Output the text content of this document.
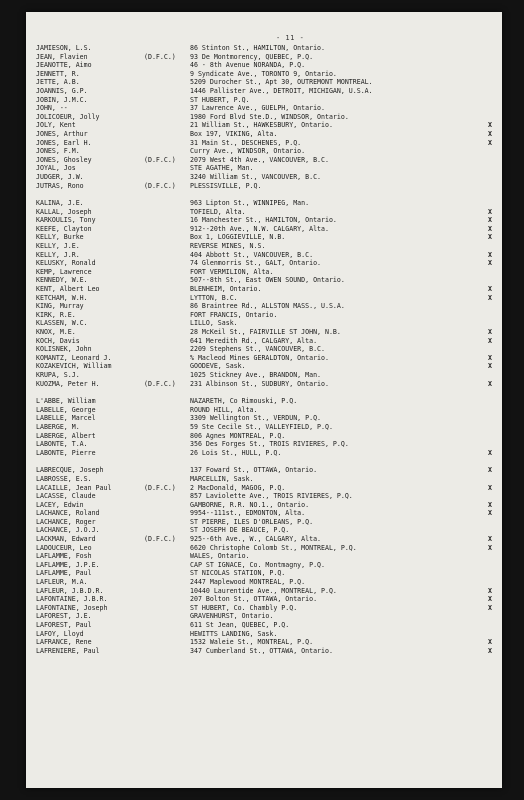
- 11 -
JAMIESON, L.S.	86 Stinton St., HAMILTON, Ontario.
JEAN, Flavien	(D.F.C.)	93 De Montmorency, QUEBEC, P.Q.
JEANOTTE, Aimo	46 - 8th Avenue NORANDA, P.Q.
JENNETT, R.	9 Syndicate Ave., TORONTO 9, Ontario.
JETTE, A.B.	5209 Durocher St., Apt 30, OUTREMONT MONTREAL.
JOANNIS, G.P.	1446 Pallister Ave., DETROIT, MICHIGAN, U.S.A.
JOBIN, J.M.C.	ST HUBERT, P.Q.
JOHN, --	37 Lawrence Ave., GUELPH, Ontario.
JOLICOEUR, Jolly	1980 Ford Blvd Ste.D., WINDSOR, Ontario.
JOLY, Kent	21 William St., HAWKESBURY, Ontario.	X
JONES, Arthur	Box 197, VIKING, Alta.	X
JONES, Earl H.	31 Main St., DESCHENES, P.Q.	X
JONES, F.M.	Curry Ave., WINDSOR, Ontario.
JONES, Ghosley	(D.F.C.)	2079 West 4th Ave., VANCOUVER, B.C.
JOYAL, Jos	STE AGATHE, Man.
JUDGER, J.W.	3240 William St., VANCOUVER, B.C.
JUTRAS, Rono	(D.F.C.)	PLESSISVILLE, P.Q.
KALINA, J.E.	963 Lipton St., WINNIPEG, Man.
KALLAL, Joseph	TOFIELD, Alta.	X
KARKOULIS, Tony	16 Manchester St., HAMILTON, Ontario.	X
KEEFE, Clayton	912--20th Ave., N.W. CALGARY, Alta.	X
KELLY, Burke	Box 1, LOGGIEVILLE, N.B.	X
KELLY, J.E.	REVERSE MINES, N.S.
KELLY, J.R.	404 Abbott St., VANCOUVER, B.C.	X
KELUSKY, Ronald	74 Glenmorris St., GALT, Ontario.	X
KEMP, Lawrence	FORT VERMILION, Alta.
KENNEDY, W.E.	507--8th St., East OWEN SOUND, Ontario.
KENT, Albert Leo	BLENHEIM, Ontario.	X
KETCHAM, W.H.	LYTTON, B.C.	X
KING, Murray	86 Braintree Rd., ALLSTON MASS., U.S.A.
KIRK, R.E.	FORT FRANCIS, Ontario.
KLASSEN, W.C.	LILLO, Sask.
KNOX, M.E.	28 McKeil St., FAIRVILLE ST JOHN, N.B.	X
KOCH, Davis	641 Meredith Rd., CALGARY, Alta.	X
KOLISNEK, John	2209 Stephens St., VANCOUVER, B.C.
KOMANTZ, Leonard J.	% Macleod Mines GERALDTON, Ontario.	X
KOZAKEVICH, William	GOODEVE, Sask.	X
KRUPA, S.J.	1025 Stickney Ave., BRANDON, Man.
KUOZMA, Peter H.	(D.F.C.)	231 Albinson St., SUDBURY, Ontario.	X
L'ABBE, William	NAZARETH, Co Rimouski, P.Q.
LABELLE, George	ROUND HILL, Alta.
LABELLE, Marcel	3309 Wellington St., VERDUN, P.Q.
LABERGE, M.	59 Ste Cecile St., VALLEYFIELD, P.Q.
LABERGE, Albert	806 Agnes MONTREAL, P.Q.
LABONTE, T.A.	356 Des Forges St., TROIS RIVIERES, P.Q.
LABONTE, Pierre	26 Lois St., HULL, P.Q.	X
LABRECQUE, Joseph	137 Foward St., OTTAWA, Ontario.	X
LABROSSE, E.S.	MARCELLIN, Sask.
LACAILLE, Jean Paul	(D.F.C.)	2 MacDonald, MAGOG, P.Q.	X
LACASSE, Claude	857 Laviolette Ave., TROIS RIVIERES, P.Q.
LACEY, Edwin	GAMBORNE, R.R. NO.1., Ontario.	X
LACHANCE, Roland	9954--111st., EDMONTON, Alta.	X
LACHANCE, Roger	ST PIERRE, ILES D'ORLEANS, P.Q.
LACHANCE, J.O.J.	ST JOSEPH DE BEAUCE, P.Q.
LACKMAN, Edward	(D.F.C.)	925--6th Ave., W., CALGARY, Alta.	X
LADOUCEUR, Leo	6620 Christophe Colomb St., MONTREAL, P.Q.	X
LAFLAMME, Fosh	WALES, Ontario.
LAFLAMME, J.P.E.	CAP ST IGNACE, Co. Montmagny, P.Q.
LAFLAMME, Paul	ST NICOLAS STATION, P.Q.
LAFLEUR, M.A.	2447 Maplewood MONTREAL, P.Q.
LAFLEUR, J.B.D.R.	10440 Laurentide Ave., MONTREAL, P.Q.	X
LAFONTAINE, J.B.R.	207 Bolton St., OTTAWA, Ontario.	X
LAFONTAINE, Joseph	ST HUBERT, Co. Chambly P.Q.	X
LAFOREST, J.E.	GRAVENHURST, Ontario.
LAFOREST, Paul	611 St Jean, QUEBEC, P.Q.
LAFOY, Lloyd	HEWITTS LANDING, Sask.
LAFRANCE, Rene	1532 Waleie St., MONTREAL, P.Q.	X
LAFRENIERE, Paul	347 Cumberland St., OTTAWA, Ontario.	X
